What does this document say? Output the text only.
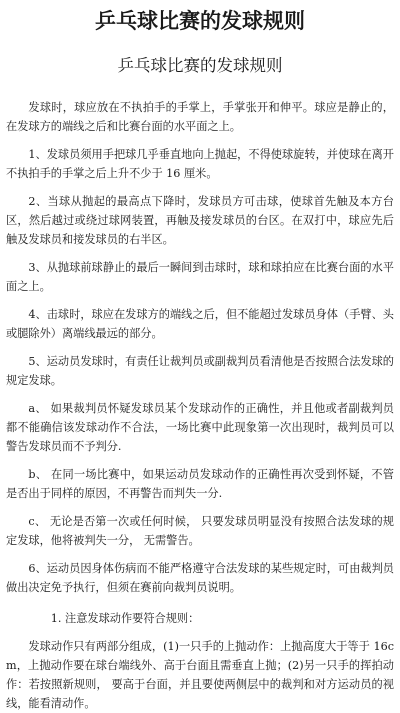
乒乓球比赛的发球规则
乒乓球比赛的发球规则

发球时，球应放在不执拍手的手掌上，手掌张开和伸平。球应是静止的，在发球方的端线之后和比赛台面的水平面之上。

1、发球员须用手把球几乎垂直地向上抛起，不得使球旋转，并使球在离开不执拍手的手掌之后上升不少于 16 厘米。

2、当球从抛起的最高点下降时，发球员方可击球，使球首先触及本方台区，然后越过或绕过球网装置，再触及接发球员的台区。在双打中，球应先后触及发球员和接发球员的右半区。

3、从抛球前球静止的最后一瞬间到击球时，球和球拍应在比赛台面的水平面之上。

4、击球时，球应在发球方的端线之后，但不能超过发球员身体（手臂、头或腿除外）离端线最远的部分。

5、运动员发球时，有责任让裁判员或副裁判员看清他是否按照合法发球的规定发球。

a、 如果裁判员怀疑发球员某个发球动作的正确性，并且他或者副裁判员都不能确信该发球动作不合法，一场比赛中此现象第一次出现时，裁判员可以警告发球员而不予判分.

b、 在同一场比赛中，如果运动员发球动作的正确性再次受到怀疑，不管是否出于同样的原因，不再警告而判失一分.

c、 无论是否第一次或任何时候， 只要发球员明显没有按照合法发球的规定发球，他将被判失一分， 无需警告。

6、运动员因身体伤病而不能严格遵守合法发球的某些规定时，可由裁判员做出决定免予执行，但须在赛前向裁判员说明。

1. 注意发球动作要符合规则：

发球动作只有两部分组成，(1)一只手的上抛动作：上抛高度大于等于 16cm，上抛动作要在球台端线外、高于台面且需垂直上抛；(2)另一只手的挥拍动作：若按照新规则， 要高于台面，并且要使两侧层中的裁判和对方运动员的视线，能看清动作。
